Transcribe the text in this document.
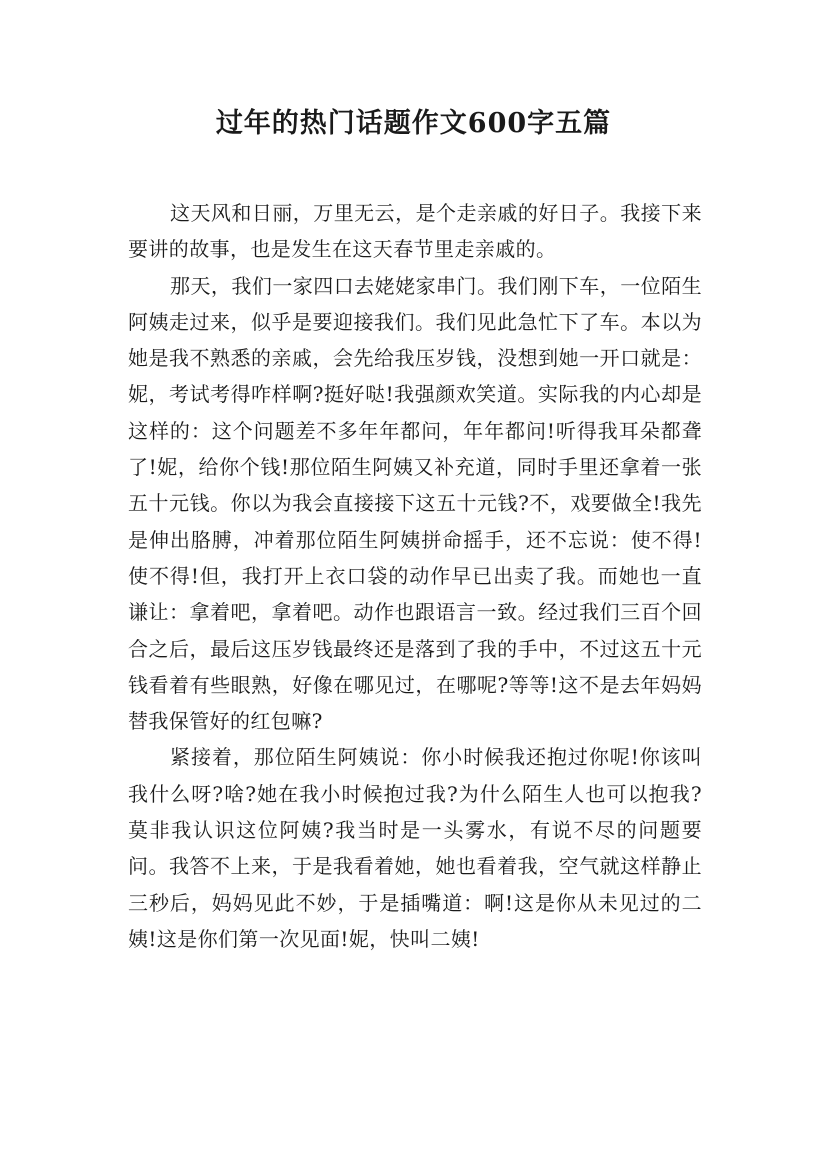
过年的热门话题作文600字五篇

这天风和日丽，万里无云，是个走亲戚的好日子。我接下来要讲的故事，也是发生在这天春节里走亲戚的。

那天，我们一家四口去姥姥家串门。我们刚下车，一位陌生阿姨走过来，似乎是要迎接我们。我们见此急忙下了车。本以为她是我不熟悉的亲戚，会先给我压岁钱，没想到她一开口就是：妮，考试考得咋样啊?挺好哒!我强颜欢笑道。实际我的内心却是这样的：这个问题差不多年年都问，年年都问!听得我耳朵都聋了!妮，给你个钱!那位陌生阿姨又补充道，同时手里还拿着一张五十元钱。你以为我会直接接下这五十元钱?不，戏要做全!我先是伸出胳膊，冲着那位陌生阿姨拼命摇手，还不忘说：使不得!使不得!但，我打开上衣口袋的动作早已出卖了我。而她也一直谦让：拿着吧，拿着吧。动作也跟语言一致。经过我们三百个回合之后，最后这压岁钱最终还是落到了我的手中，不过这五十元钱看着有些眼熟，好像在哪见过，在哪呢?等等!这不是去年妈妈替我保管好的红包嘛?

紧接着，那位陌生阿姨说：你小时候我还抱过你呢!你该叫我什么呀?啥?她在我小时候抱过我?为什么陌生人也可以抱我?莫非我认识这位阿姨?我当时是一头雾水，有说不尽的问题要问。我答不上来，于是我看着她，她也看着我，空气就这样静止三秒后，妈妈见此不妙，于是插嘴道：啊!这是你从未见过的二姨!这是你们第一次见面!妮，快叫二姨!
